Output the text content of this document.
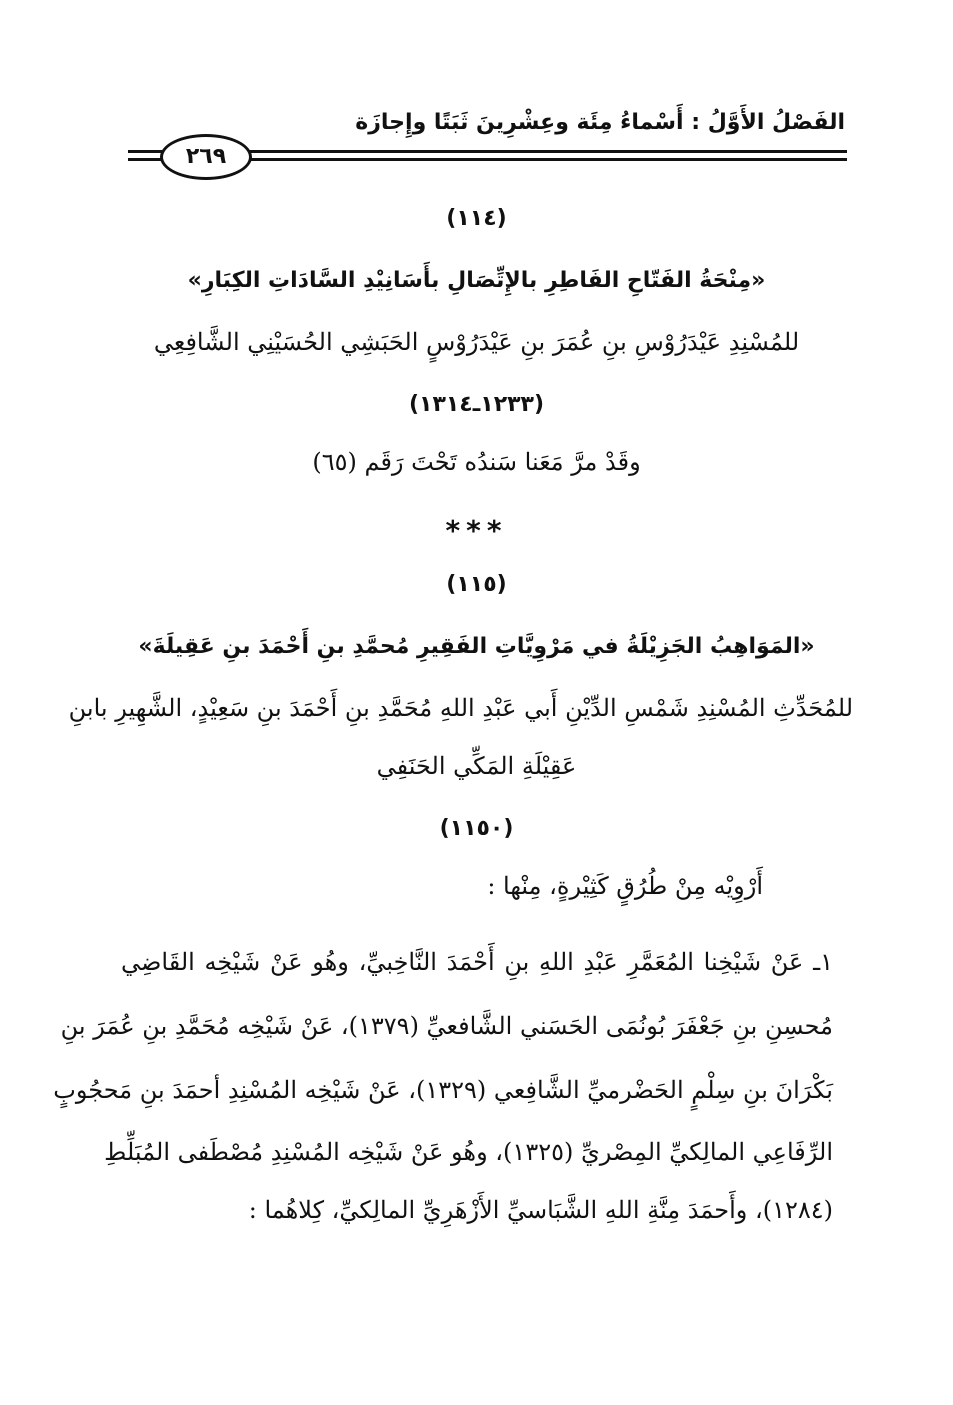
الفَصْلُ الأَوَّلُ : أَسْماءُ مِئَة وعِشْرِينَ ثَبَتًا وإِجازَة
٢٦٩
(١١٤)
«مِنْحَةُ الفَتّاحِ الفَاطِرِ بالإِتِّصَالِ بأَسَانِيْدِ السَّادَاتِ الكِبَارِ»
للمُسْنِدِ عَيْدَرُوْسِ بنِ عُمَرَ بنِ عَيْدَرُوْسٍ الحَبَشِي الحُسَيْنِي الشَّافِعِي
(١٢٣٣ـ١٣١٤)
وقَدْ مرَّ مَعَنا سَندُه تَحْتَ رَقَم (٦٥)
***
(١١٥)
«المَوَاهِبُ الجَزِيْلَةُ في مَرْوِيَّاتِ الفَقِيرِ مُحمَّدِ بنِ أَحْمَدَ بنِ عَقِيلَةَ»
للمُحَدِّثِ المُسْنِدِ شَمْسِ الدِّيْنِ أَبي عَبْدِ اللهِ مُحَمَّدِ بنِ أَحْمَدَ بنِ سَعِيْدٍ، الشَّهِيرِ بابنِ
عَقِيْلَةِ المَكِّي الحَنَفِي
(١١٥٠)
أَرْوِيْه مِنْ طُرُقٍ كَثِيْرةٍ، مِنْها :
١ـ عَنْ شَيْخِنا المُعَمَّرِ عَبْدِ اللهِ بنِ أَحْمَدَ النَّاخِبيِّ، وهُو عَنْ شَيْخِه القَاضِي
مُحسِنِ بنِ جَعْفَرَ بُونُمَى الحَسَني الشَّافعيِّ (١٣٧٩)، عَنْ شَيْخِه مُحَمَّدِ بنِ عُمَرَ بنِ
بَكْرَانَ بنِ سِلْمٍ الحَضْرميِّ الشَّافِعي (١٣٢٩)، عَنْ شَيْخِه المُسْنِدِ أحمَدَ بنِ مَحجُوبٍ
الرِّفَاعِي المالِكيِّ المِصْريِّ (١٣٢٥)، وهُو عَنْ شَيْخِه المُسْنِدِ مُصْطَفى المُبَلِّطِ
(١٢٨٤)، وأَحمَدَ مِنَّةِ اللهِ الشَّبَاسيِّ الأَزْهَرِيِّ المالِكيِّ، كِلاهُما :
